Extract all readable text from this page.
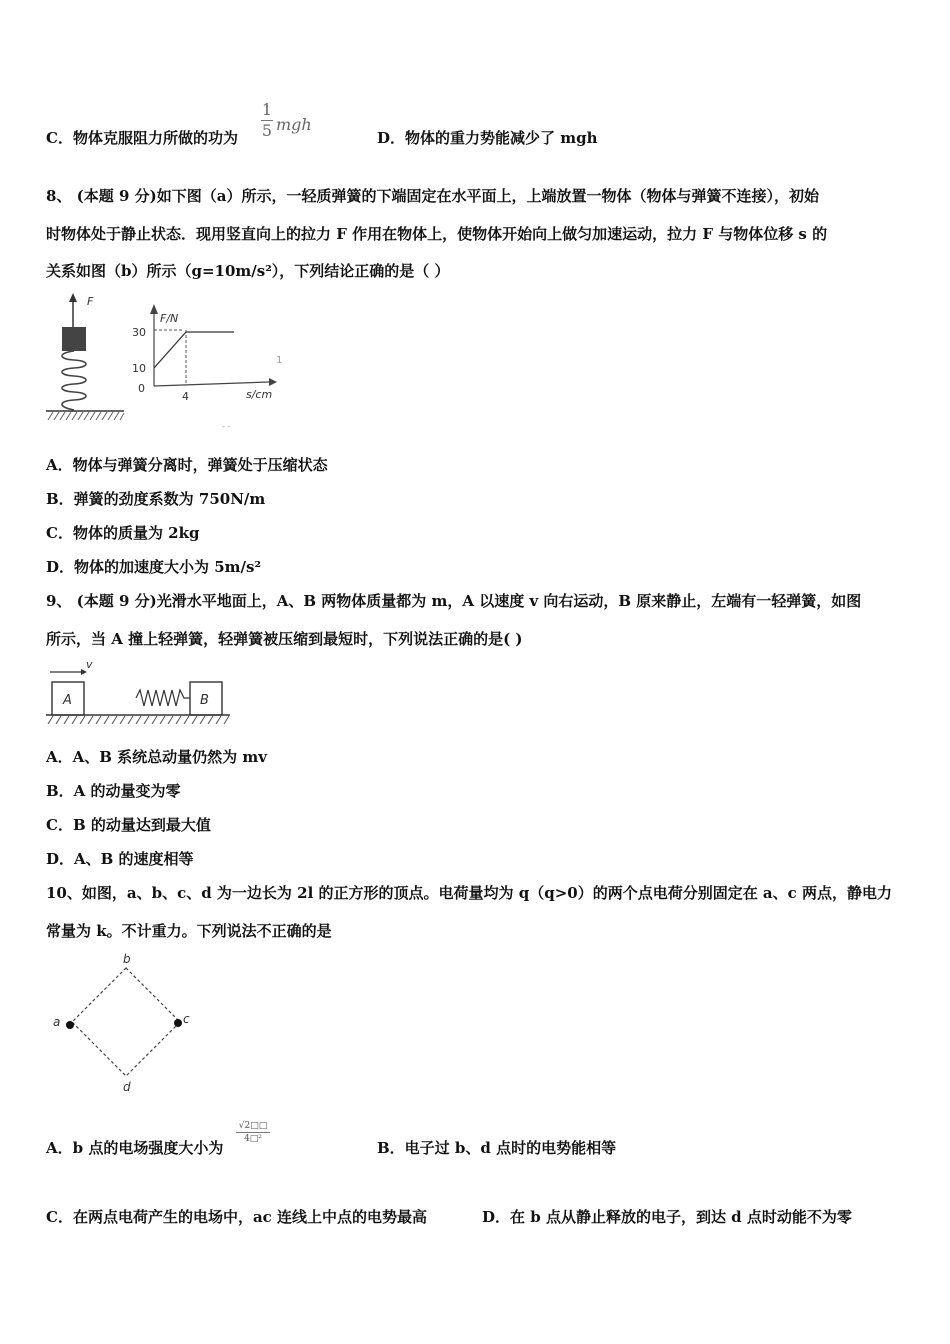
C．物体克服阻力所做的功为 $\frac{1}{5}$ mgh
D．物体的重力势能减少了 mgh
8、 (本题 9 分)如下图（a）所示，一轻质弹簧的下端固定在水平面上，上端放置一物体（物体与弹簧不连接），初始
时物体处于静止状态．现用竖直向上的拉力 F 作用在物体上，使物体开始向上做匀加速运动，拉力 F 与物体位移 s 的
关系如图（b）所示（g=10m/s²），下列结论正确的是（ ）
F
F/N
30
10
0
4	s/cm
1
- -
A．物体与弹簧分离时，弹簧处于压缩状态
B．弹簧的劲度系数为 750N/m
C．物体的质量为 2kg
D．物体的加速度大小为 5m/s²
9、 (本题 9 分)光滑水平地面上，A、B 两物体质量都为 m，A 以速度 v 向右运动，B 原来静止，左端有一轻弹簧，如图
所示，当 A 撞上轻弹簧，轻弹簧被压缩到最短时，下列说法正确的是( )
v
A	B
A．A、B 系统总动量仍然为 mv
B．A 的动量变为零
C．B 的动量达到最大值
D．A、B 的速度相等
10、如图，a、b、c、d 为一边长为 2l 的正方形的顶点。电荷量均为 q（q>0）的两个点电荷分别固定在 a、c 两点，静电力
常量为 k。不计重力。下列说法不正确的是
b
a	c
d
A．b 点的电场强度大小为
$\frac{√2□□}{\text{4□²}}$
B．电子过 b、d 点时的电势能相等
C．在两点电荷产生的电场中，ac 连线上中点的电势最高	D．在 b 点从静止释放的电子，到达 d 点时动能不为零
